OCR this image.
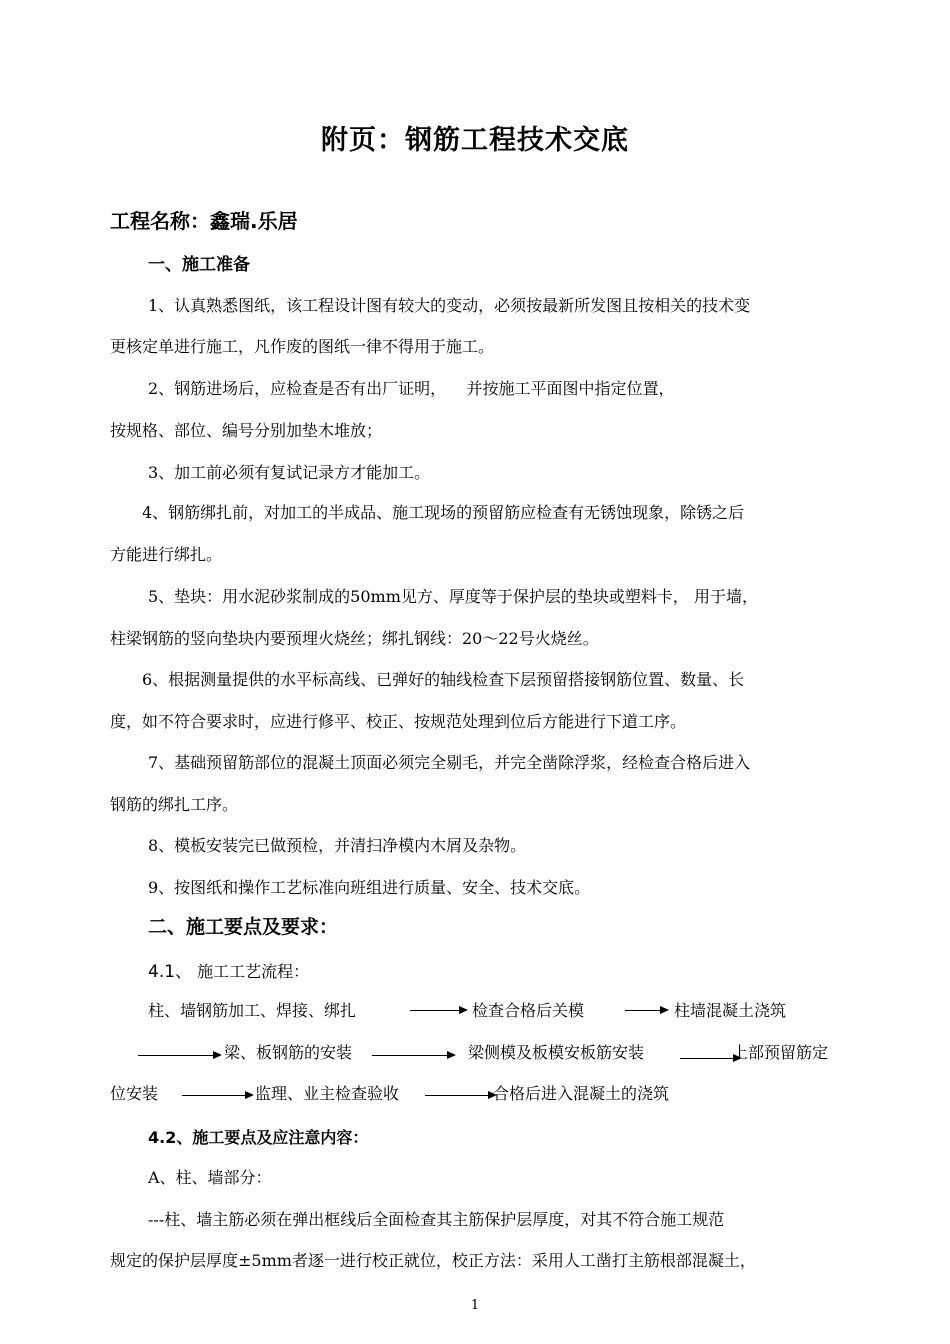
附页：钢筋工程技术交底
工程名称：鑫瑞.乐居
一、施工准备
1、认真熟悉图纸，该工程设计图有较大的变动，必须按最新所发图且按相关的技术变
更核定单进行施工，凡作废的图纸一律不得用于施工。
2、钢筋进场后，应检查是否有出厂证明，    并按施工平面图中指定位置，
按规格、部位、编号分别加垫木堆放；
3、加工前必须有复试记录方才能加工。
4、钢筋绑扎前，对加工的半成品、施工现场的预留筋应检查有无锈蚀现象，除锈之后
方能进行绑扎。
5、垫块：用水泥砂浆制成的50mm见方、厚度等于保护层的垫块或塑料卡， 用于墙，
柱梁钢筋的竖向垫块内要预埋火烧丝；绑扎钢线：20～22号火烧丝。
6、根据测量提供的水平标高线、已弹好的轴线检查下层预留搭接钢筋位置、数量、长
度，如不符合要求时，应进行修平、校正、按规范处理到位后方能进行下道工序。
7、基础预留筋部位的混凝土顶面必须完全剔毛，并完全凿除浮浆，经检查合格后进入
钢筋的绑扎工序。
8、模板安装完已做预检，并清扫净模内木屑及杂物。
9、按图纸和操作工艺标准向班组进行质量、安全、技术交底。
二、施工要点及要求：
4.1、 施工工艺流程：
柱、墙钢筋加工、焊接、绑扎	检查合格后关模	柱墙混凝土浇筑
梁、板钢筋的安装	梁侧模及板模安板筋安装	上部预留筋定
位安装	监理、业主检查验收	合格后进入混凝土的浇筑
4.2、施工要点及应注意内容：
A、柱、墙部分：
---柱、墙主筋必须在弹出框线后全面检查其主筋保护层厚度，对其不符合施工规范
规定的保护层厚度±5mm者逐一进行校正就位，校正方法：采用人工凿打主筋根部混凝土，
1
